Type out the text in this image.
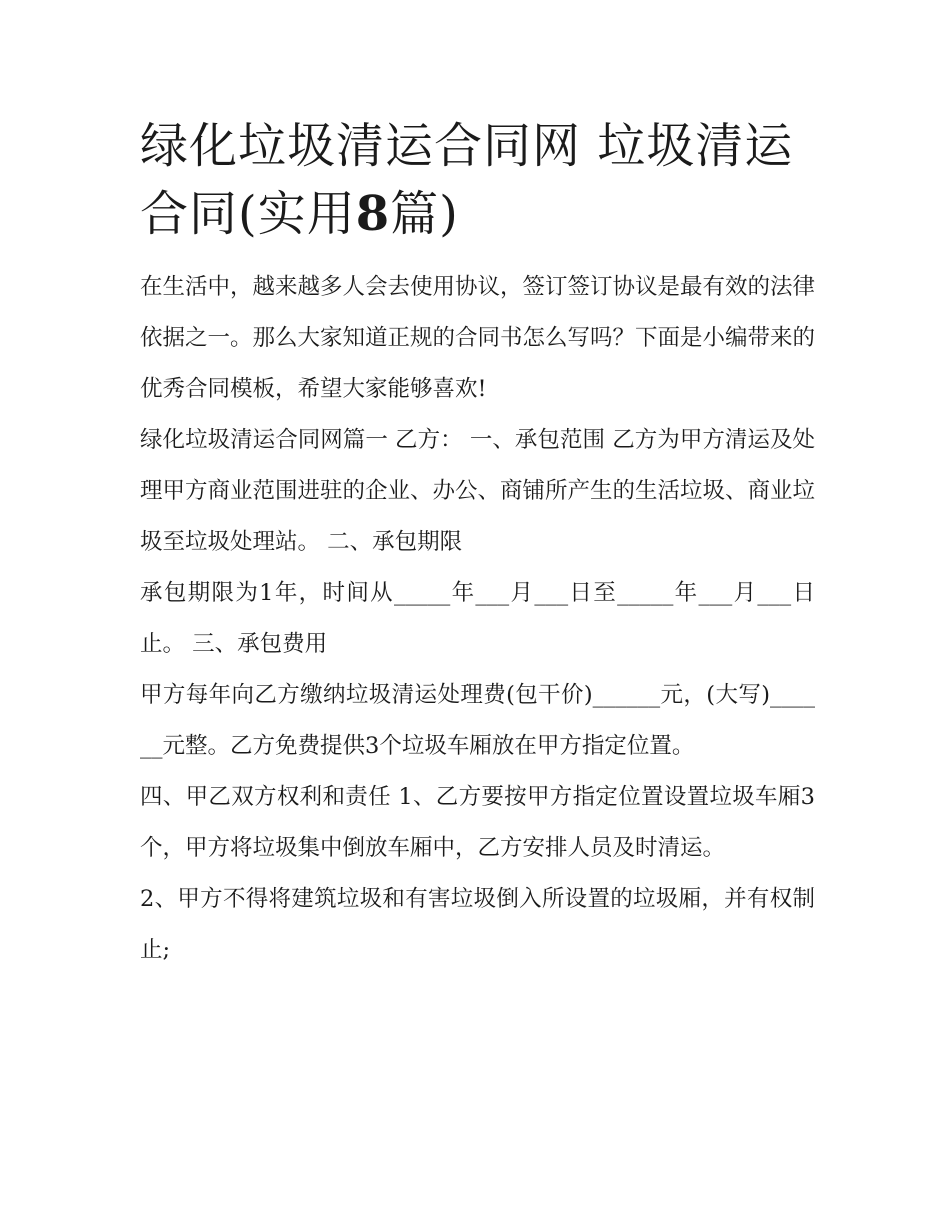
绿化垃圾清运合同网 垃圾清运合同(实用8篇)

在生活中，越来越多人会去使用协议，签订签订协议是最有效的法律依据之一。那么大家知道正规的合同书怎么写吗？下面是小编带来的优秀合同模板，希望大家能够喜欢!

绿化垃圾清运合同网篇一 乙方： 一、承包范围 乙方为甲方清运及处理甲方商业范围进驻的企业、办公、商铺所产生的生活垃圾、商业垃圾至垃圾处理站。 二、承包期限

承包期限为1年，时间从_____年___月___日至_____年___月___日止。 三、承包费用

甲方每年向乙方缴纳垃圾清运处理费(包干价)______元，(大写)______元整。乙方免费提供3个垃圾车厢放在甲方指定位置。

四、甲乙双方权利和责任 1、乙方要按甲方指定位置设置垃圾车厢3个，甲方将垃圾集中倒放车厢中，乙方安排人员及时清运。

2、甲方不得将建筑垃圾和有害垃圾倒入所设置的垃圾厢，并有权制止;
